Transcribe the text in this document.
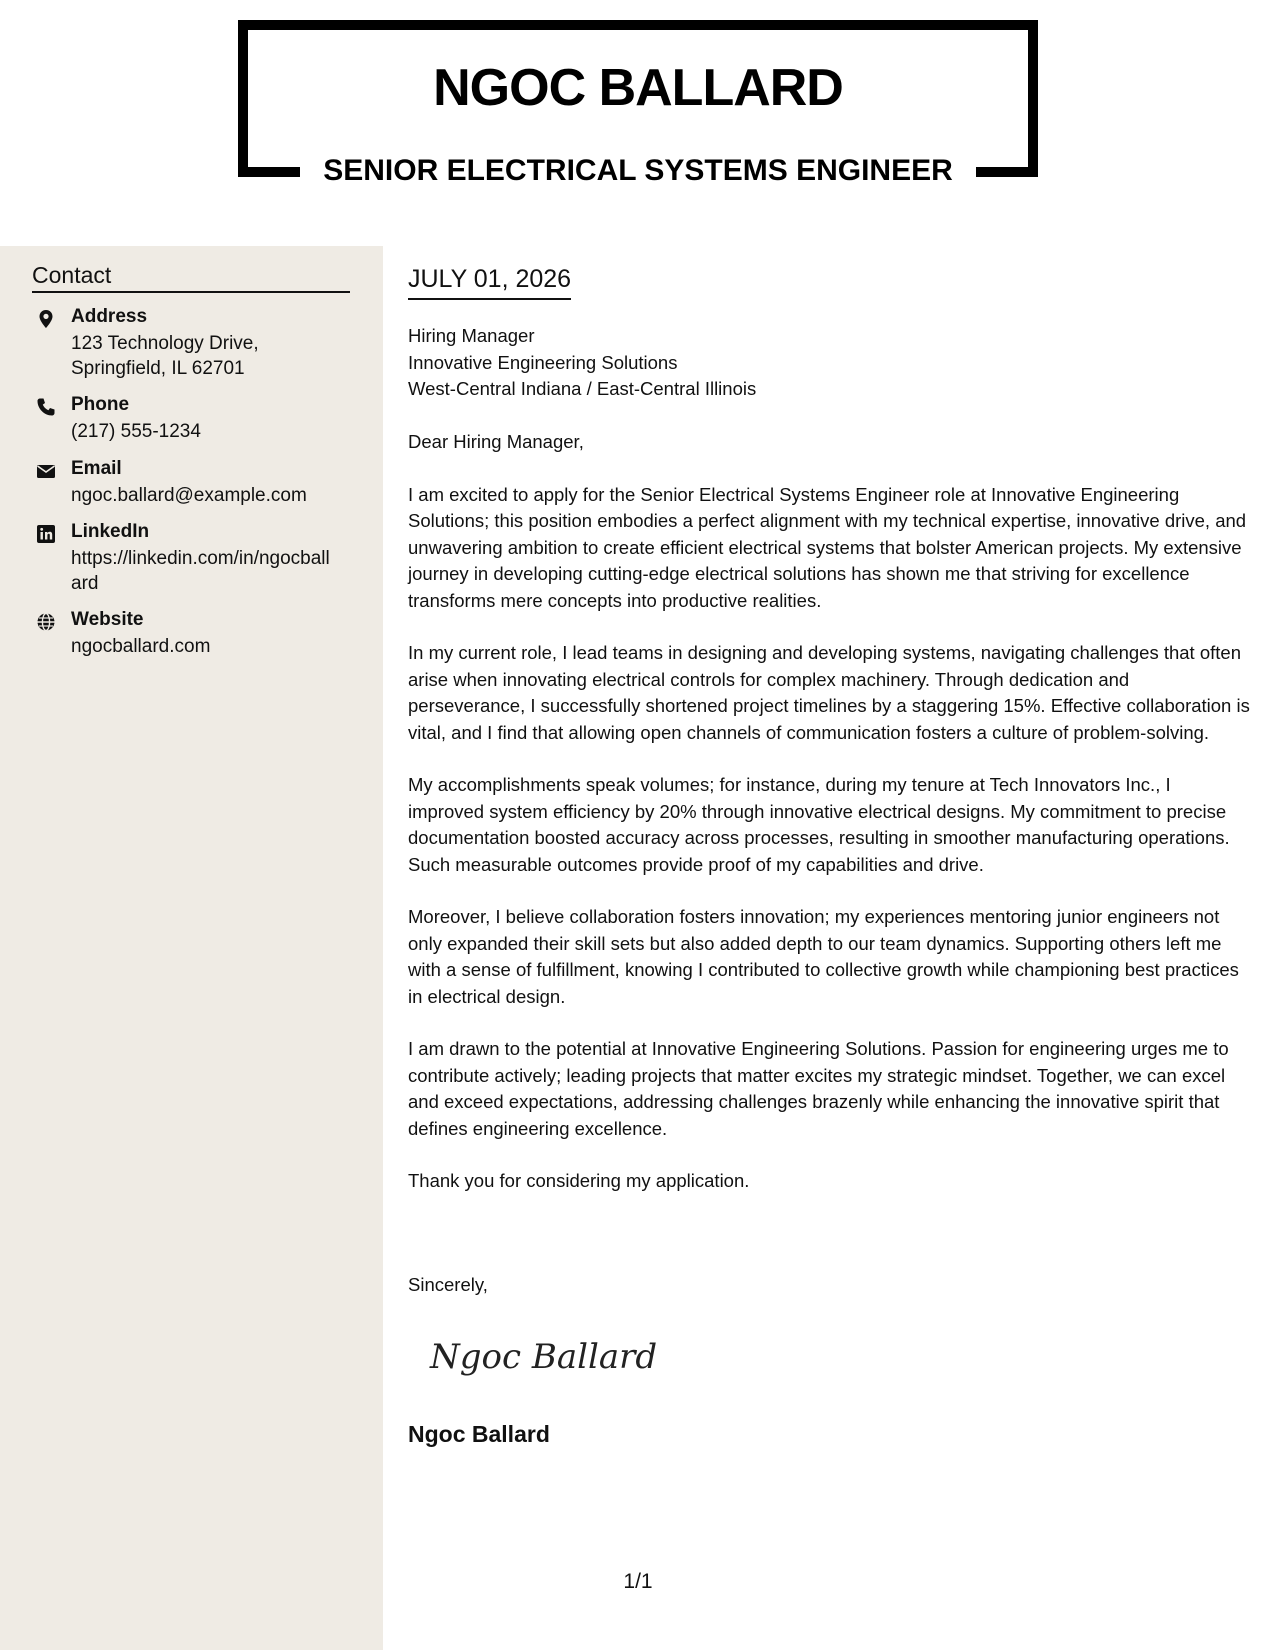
NGOC BALLARD
SENIOR ELECTRICAL SYSTEMS ENGINEER
Contact
Address
123 Technology Drive, Springfield, IL 62701
Phone
(217) 555-1234
Email
ngoc.ballard@example.com
LinkedIn
https://linkedin.com/in/ngocballard
Website
ngocballard.com
JULY 01, 2026
Hiring Manager
Innovative Engineering Solutions
West-Central Indiana / East-Central Illinois

Dear Hiring Manager,

I am excited to apply for the Senior Electrical Systems Engineer role at Innovative Engineering Solutions; this position embodies a perfect alignment with my technical expertise, innovative drive, and unwavering ambition to create efficient electrical systems that bolster American projects. My extensive journey in developing cutting-edge electrical solutions has shown me that striving for excellence transforms mere concepts into productive realities.

In my current role, I lead teams in designing and developing systems, navigating challenges that often arise when innovating electrical controls for complex machinery. Through dedication and perseverance, I successfully shortened project timelines by a staggering 15%. Effective collaboration is vital, and I find that allowing open channels of communication fosters a culture of problem-solving.

My accomplishments speak volumes; for instance, during my tenure at Tech Innovators Inc., I improved system efficiency by 20% through innovative electrical designs. My commitment to precise documentation boosted accuracy across processes, resulting in smoother manufacturing operations. Such measurable outcomes provide proof of my capabilities and drive.

Moreover, I believe collaboration fosters innovation; my experiences mentoring junior engineers not only expanded their skill sets but also added depth to our team dynamics. Supporting others left me with a sense of fulfillment, knowing I contributed to collective growth while championing best practices in electrical design.

I am drawn to the potential at Innovative Engineering Solutions. Passion for engineering urges me to contribute actively; leading projects that matter excites my strategic mindset. Together, we can excel and exceed expectations, addressing challenges brazenly while enhancing the innovative spirit that defines engineering excellence.

Thank you for considering my application.

Sincerely,
Ngoc Ballard
Ngoc Ballard
1/1
